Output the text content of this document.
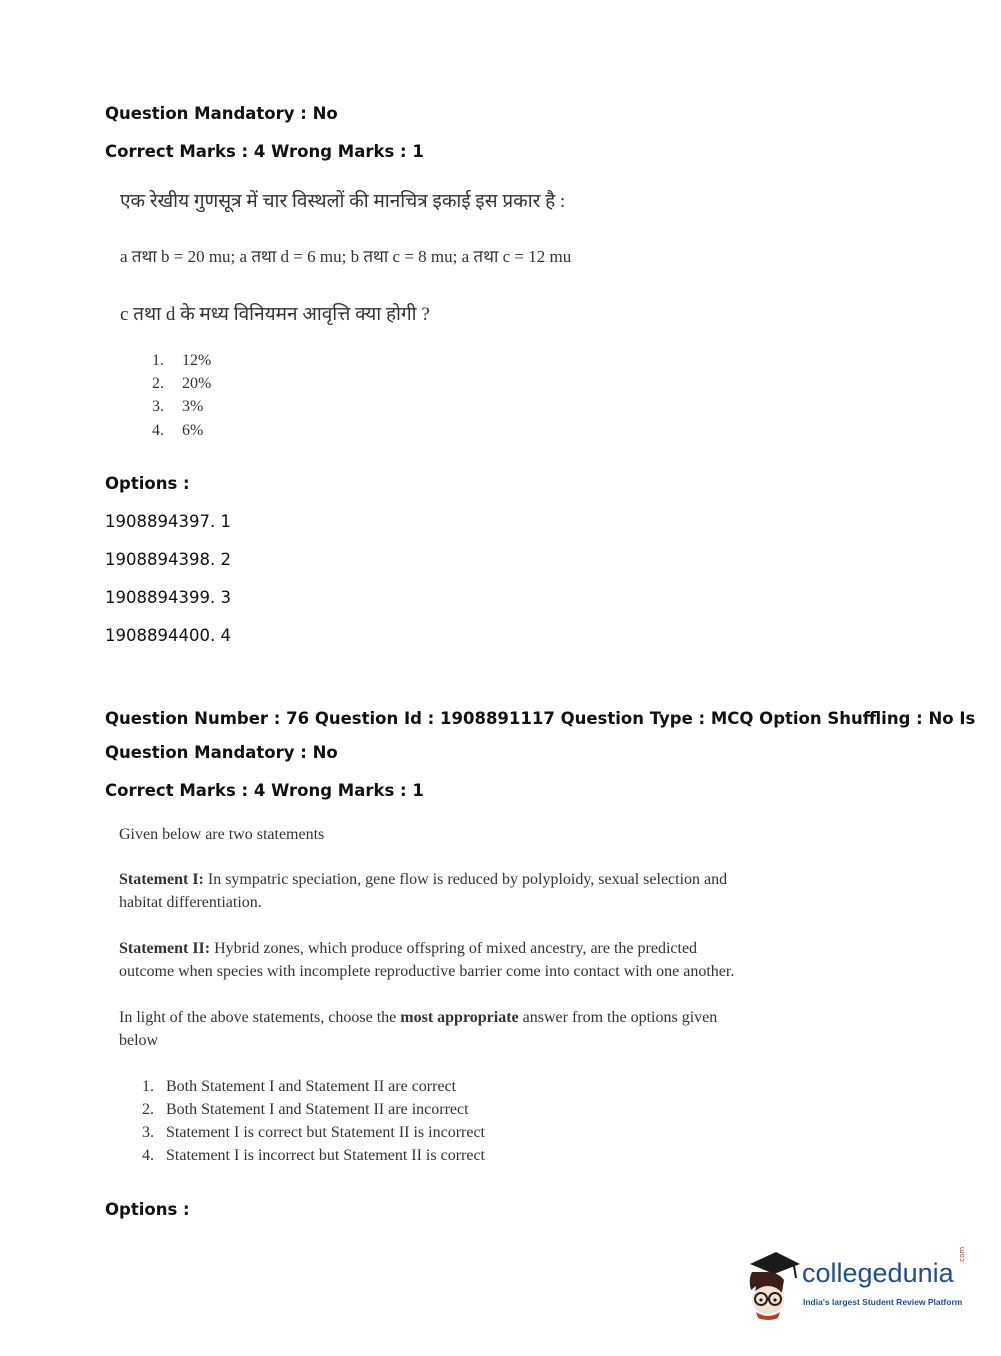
Question Mandatory : No
Correct Marks : 4 Wrong Marks : 1
एक रेखीय गुणसूत्र में चार विस्थलों की मानचित्र इकाई इस प्रकार है :
a तथा b = 20 mu; a तथा d = 6 mu; b तथा c = 8 mu; a तथा c = 12 mu
c तथा d के मध्य विनियमन आवृत्ति क्या होगी ?
1. 12%
2. 20%
3. 3%
4. 6%
Options :
1908894397. 1
1908894398. 2
1908894399. 3
1908894400. 4
Question Number : 76 Question Id : 1908891117 Question Type : MCQ Option Shuffling : No Is
Question Mandatory : No
Correct Marks : 4 Wrong Marks : 1
Given below are two statements
Statement I: In sympatric speciation, gene flow is reduced by polyploidy, sexual selection and
habitat differentiation.
Statement II: Hybrid zones, which produce offspring of mixed ancestry, are the predicted
outcome when species with incomplete reproductive barrier come into contact with one another.
In light of the above statements, choose the most appropriate answer from the options given
below
1. Both Statement I and Statement II are correct
2. Both Statement I and Statement II are incorrect
3. Statement I is correct but Statement II is incorrect
4. Statement I is incorrect but Statement II is correct
Options :
collegedunia
.com
India's largest Student Review Platform
